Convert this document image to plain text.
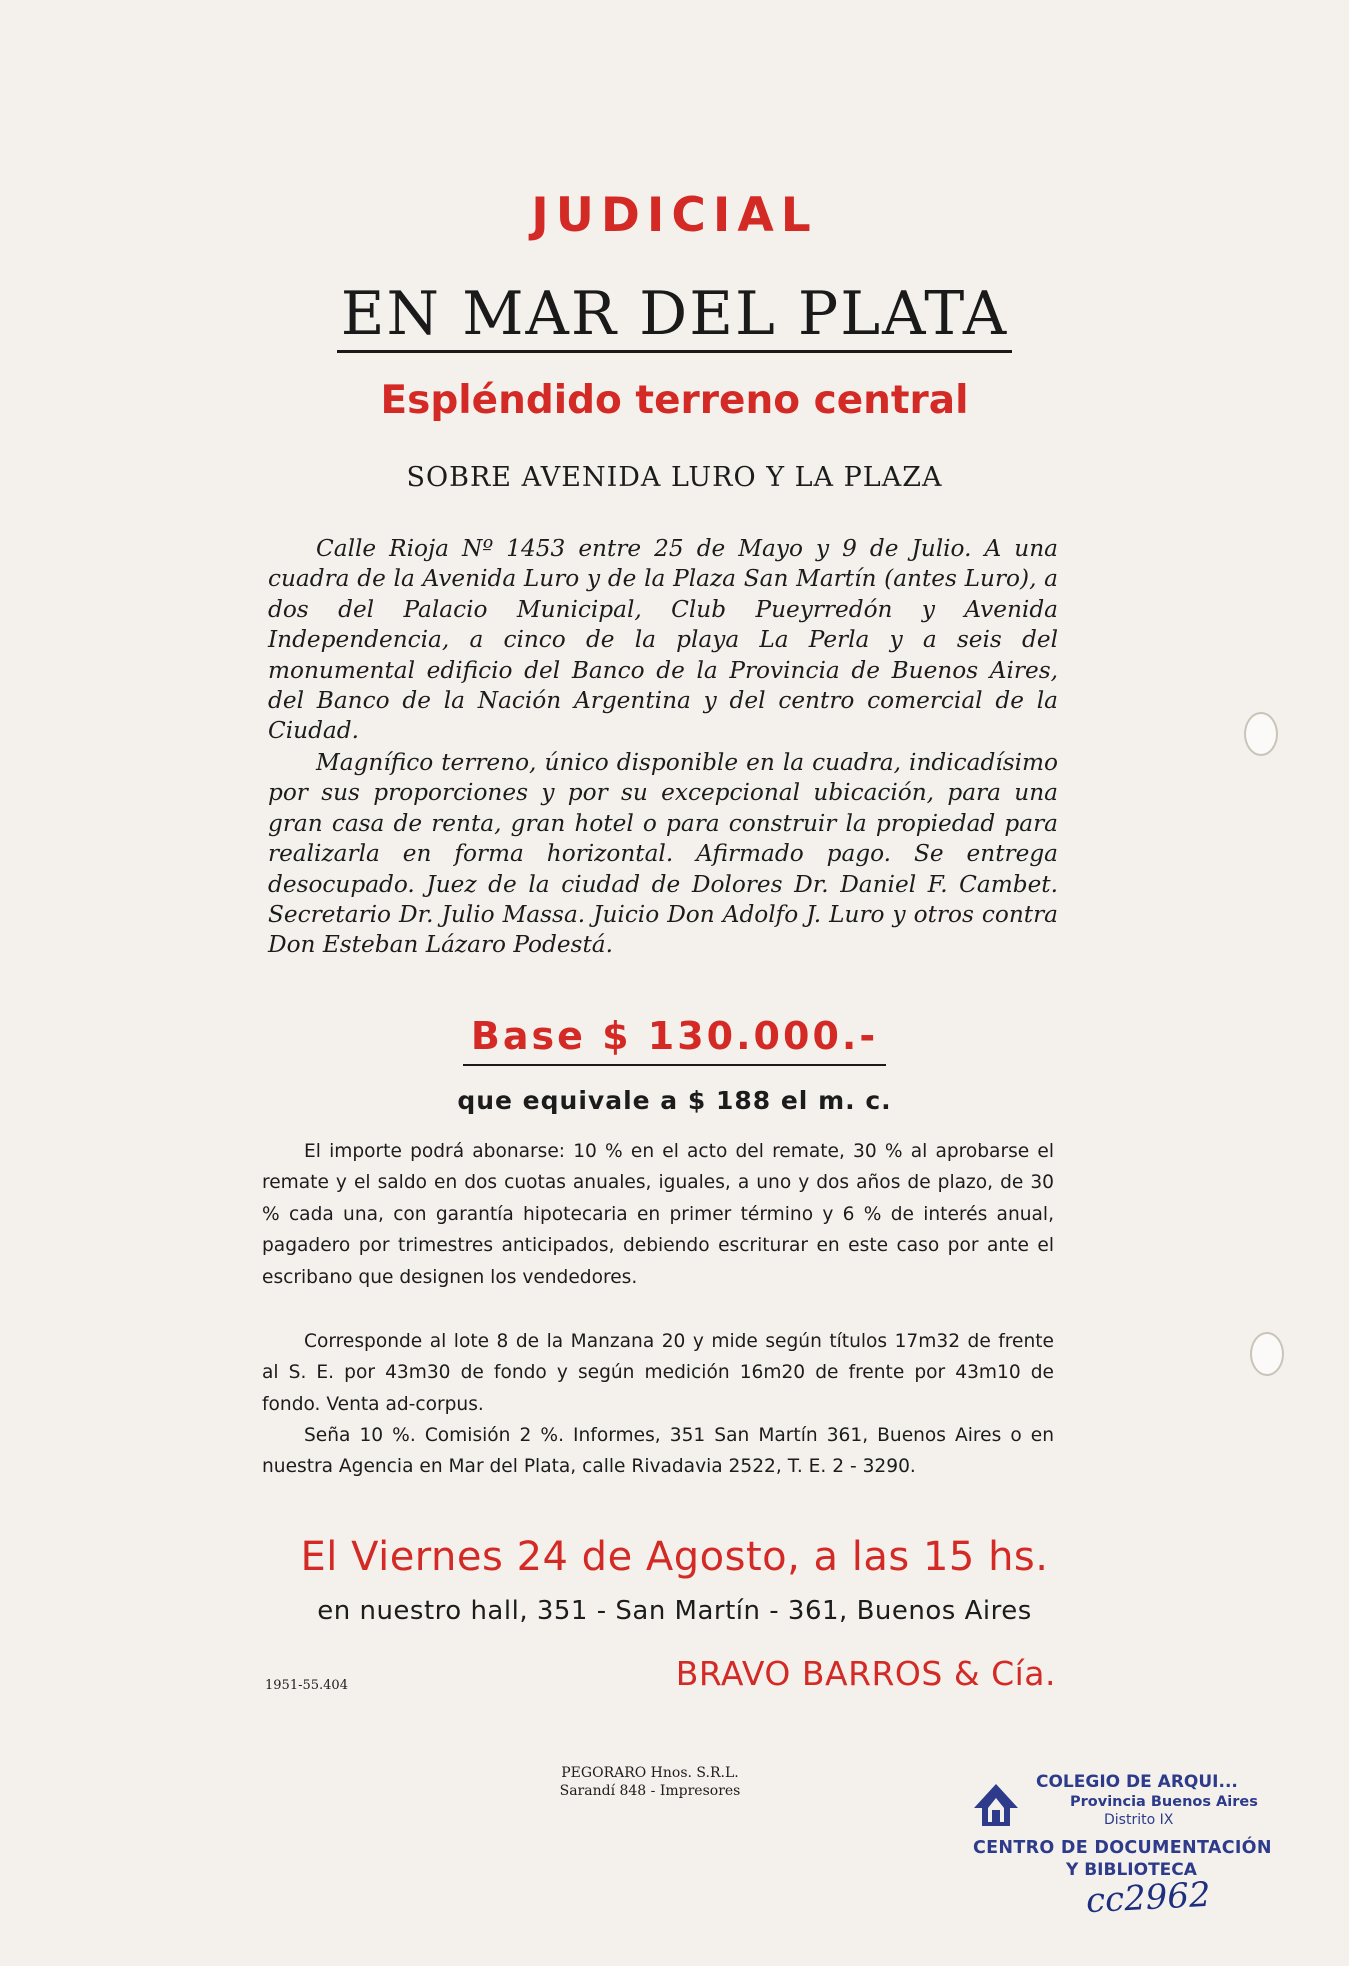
JUDICIAL
EN MAR DEL PLATA
Espléndido terreno central
SOBRE AVENIDA LURO Y LA PLAZA

Calle Rioja Nº 1453 entre 25 de Mayo y 9 de Julio. A una cuadra de la Avenida Luro y de la Plaza San Martín (antes Luro), a dos del Palacio Municipal, Club Pueyrredón y Avenida Independencia, a cinco de la playa La Perla y a seis del monumental edificio del Banco de la Provincia de Buenos Aires, del Banco de la Nación Argentina y del centro comercial de la Ciudad.

Magnífico terreno, único disponible en la cuadra, indicadísimo por sus proporciones y por su excepcional ubicación, para una gran casa de renta, gran hotel o para construir la propiedad para realizarla en forma horizontal. Afirmado pago. Se entrega desocupado. Juez de la ciudad de Dolores Dr. Daniel F. Cambet. Secretario Dr. Julio Massa. Juicio Don Adolfo J. Luro y otros contra Don Esteban Lázaro Podestá.

Base $ 130.000.-
que equivale a $ 188 el m. c.

El importe podrá abonarse: 10 % en el acto del remate, 30 % al aprobarse el remate y el saldo en dos cuotas anuales, iguales, a uno y dos años de plazo, de 30 % cada una, con garantía hipotecaria en primer término y 6 % de interés anual, pagadero por trimestres anticipados, debiendo escriturar en este caso por ante el escribano que designen los vendedores.

Corresponde al lote 8 de la Manzana 20 y mide según títulos 17m32 de frente al S. E. por 43m30 de fondo y según medición 16m20 de frente por 43m10 de fondo. Venta ad-corpus.

Seña 10 %. Comisión 2 %. Informes, 351 San Martín 361, Buenos Aires o en nuestra Agencia en Mar del Plata, calle Rivadavia 2522, T. E. 2 - 3290.

El Viernes 24 de Agosto, a las 15 hs.
en nuestro hall, 351 - San Martín - 361, Buenos Aires
1951-55.404	BRAVO BARROS & Cía.
PEGORARO Hnos. S.R.L.
Sarandí 848 - Impresores	COLEGIO DE ARQUI...
Provincia Buenos Aires
Distrito IX
CENTRO DE DOCUMENTACIÓN
Y BIBLIOTECA
cc2962
